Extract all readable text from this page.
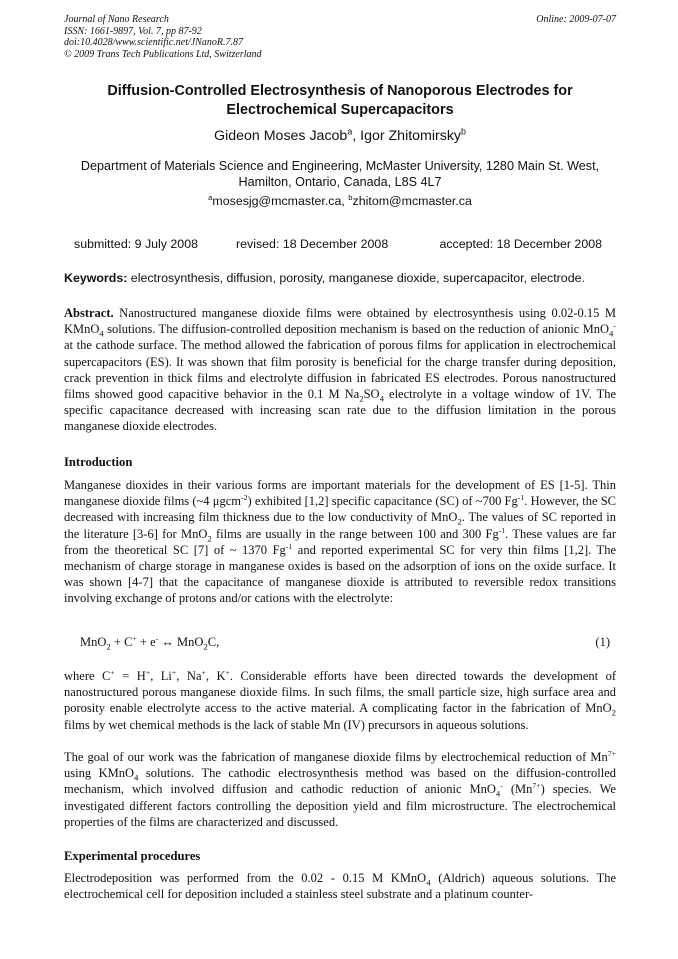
Journal of Nano Research
ISSN: 1661-9897, Vol. 7, pp 87-92
doi:10.4028/www.scientific.net/JNanoR.7.87
© 2009 Trans Tech Publications Ltd, Switzerland
Online: 2009-07-07
Diffusion-Controlled Electrosynthesis of Nanoporous Electrodes for
Electrochemical Supercapacitors
Gideon Moses Jacob$^a$, Igor Zhitomirsky$^b$
Department of Materials Science and Engineering, McMaster University, 1280 Main St. West,
Hamilton, Ontario, Canada, L8S 4L7
$^a$mosesjg@mcmaster.ca, $^b$zhitom@mcmaster.ca
submitted: 9 July 2008	revised: 18 December 2008	accepted: 18 December 2008
Keywords: electrosynthesis, diffusion, porosity, manganese dioxide, supercapacitor, electrode.
Abstract. Nanostructured manganese dioxide films were obtained by electrosynthesis using 0.02-0.15 M KMnO$_4$ solutions. The diffusion-controlled deposition mechanism is based on the reduction of anionic MnO$_4$- at the cathode surface. The method allowed the fabrication of porous films for application in electrochemical supercapacitors (ES). It was shown that film porosity is beneficial for the charge transfer during deposition, crack prevention in thick films and electrolyte diffusion in fabricated ES electrodes. Porous nanostructured films showed good capacitive behavior in the 0.1 M $Na_2SO_4$ electrolyte in a voltage window of 1V. The specific capacitance decreased with increasing scan rate due to the diffusion limitation in the porous manganese dioxide electrodes.
Introduction
Manganese dioxides in their various forms are important materials for the development of ES [1-5]. Thin manganese dioxide films (~4 μgcm$^{-2}$) exhibited [1,2] specific capacitance (SC) of ~700 $Fg^{-1}$. However, the SC decreased with increasing film thickness due to the low conductivity of MnO$_2$. The values of SC reported in the literature [3-6] for MnO$_2$ films are usually in the range between 100 and 300 $Fg^{-1}$. These values are far from the theoretical SC [7] of ~ 1370 $Fg^{-1}$ and reported experimental SC for very thin films [1,2]. The mechanism of charge storage in manganese oxides is based on the adsorption of ions on the oxide surface. It was shown [4-7] that the capacitance of manganese dioxide is attributed to reversible redox transitions involving exchange of protons and/or cations with the electrolyte:
MnO$_2$ + C+ + e- ↔ MnO$_2$C,	(1)
where C+ = H+, Li+, Na+, K+. Considerable efforts have been directed towards the development of nanostructured porous manganese dioxide films. In such films, the small particle size, high surface area and porosity enable electrolyte access to the active material. A complicating factor in the fabrication of MnO$_2$ films by wet chemical methods is the lack of stable Mn (IV) precursors in aqueous solutions.
The goal of our work was the fabrication of manganese dioxide films by electrochemical reduction of $Mn^{7+}$ using KMnO$_4$ solutions. The cathodic electrosynthesis method was based on the diffusion-controlled mechanism, which involved diffusion and cathodic reduction of anionic MnO$_4$- $(Mn^{7+})$ species. We investigated different factors controlling the deposition yield and film microstructure. The electrochemical properties of the films are characterized and discussed.
Experimental procedures
Electrodeposition was performed from the 0.02 - 0.15 M KMnO$_4$ (Aldrich) aqueous solutions. The electrochemical cell for deposition included a stainless steel substrate and a platinum counter-
